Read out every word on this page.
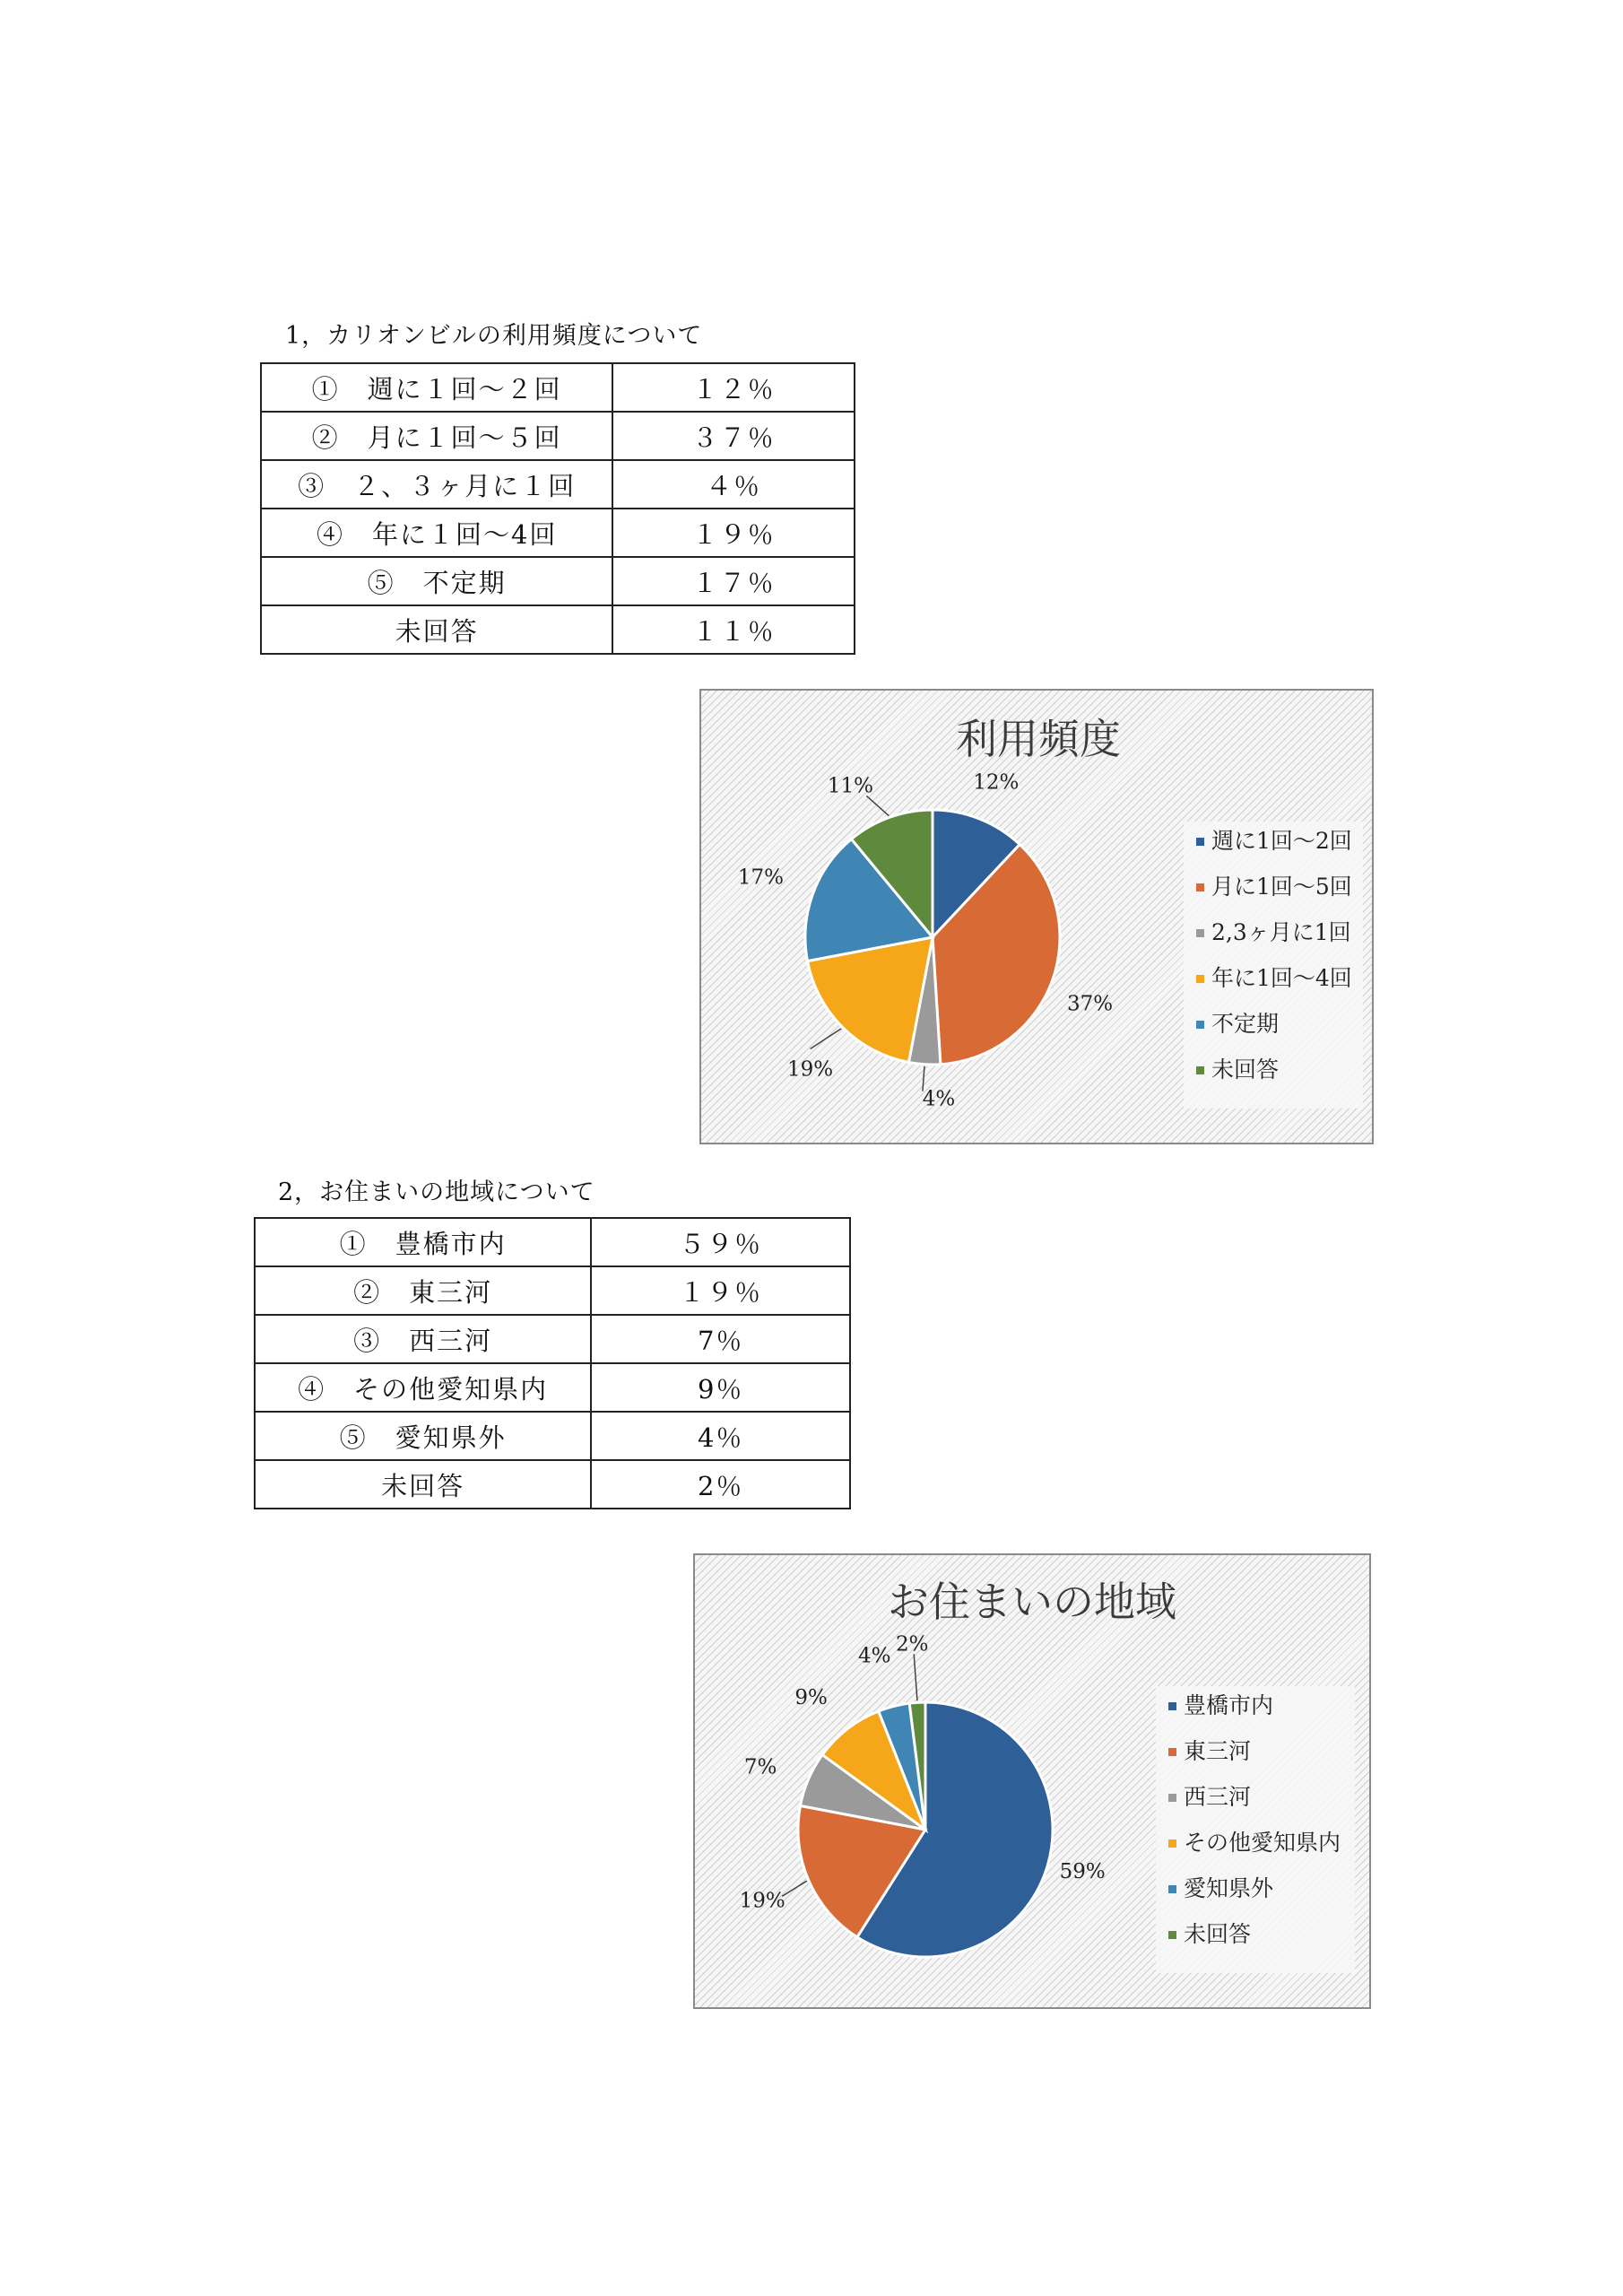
1，カリオンビルの利用頻度について
①　週に１回～２回	１２％
②　月に１回～５回	３７％
③　２、３ヶ月に１回	４％
④　年に１回～4回	１９％
⑤　不定期	１７％
未回答	１１％
利用頻度
12%
37%
4%
19%
17%
11%
週に1回～2回
月に1回～5回
2,3ヶ月に1回
年に1回～4回
不定期
未回答
2，お住まいの地域について
①　豊橋市内	５９％
②　東三河	１９％
③　西三河	7％
④　その他愛知県内	9％
⑤　愛知県外	4％
未回答	2％
お住まいの地域
59%
19%
7%
9%
4%
2%
豊橋市内
東三河
西三河
その他愛知県内
愛知県外
未回答
